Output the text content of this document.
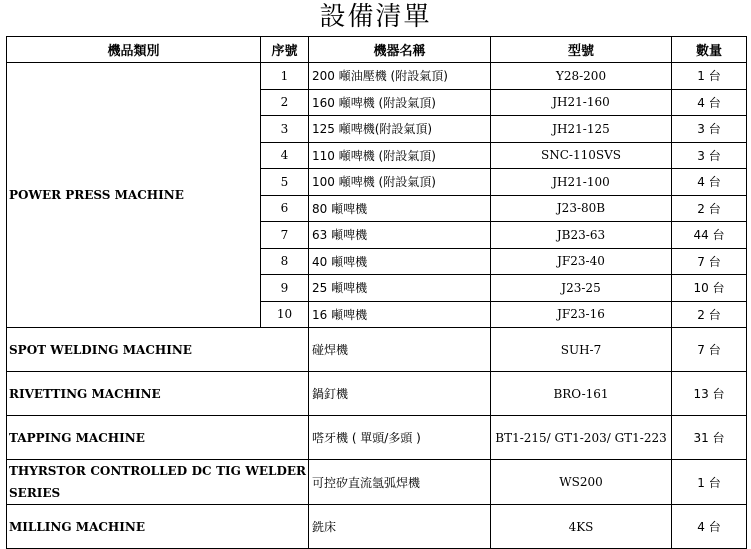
設備清單
機品類別	序號	機器名稱	型號	數量
POWER PRESS MACHINE	1	200 噸油壓機 (附設氣頂)	Y28-200	1 台
	2	160 噸啤機 (附設氣頂)	JH21-160	4 台
	3	125 噸啤機(附設氣頂)	JH21-125	3 台
	4	110 噸啤機 (附設氣頂)	SNC-110SVS	3 台
	5	100 噸啤機 (附設氣頂)	JH21-100	4 台
	6	80 噸啤機	J23-80B	2 台
	7	63 噸啤機	JB23-63	44 台
	8	40 噸啤機	JF23-40	7 台
	9	25 噸啤機	J23-25	10 台
	10	16 噸啤機	JF23-16	2 台
SPOT WELDING MACHINE		碰焊機	SUH-7	7 台
RIVETTING MACHINE		鍋釘機	BRO-161	13 台
TAPPING MACHINE		嗒牙機 ( 單頭/多頭 )	BT1-215/ GT1-203/ GT1-223	31 台
THYRSTOR CONTROLLED DC TIG WELDER SERIES		可控矽直流氬弧焊機	WS200	1 台
MILLING MACHINE		銑床	4KS	4 台
